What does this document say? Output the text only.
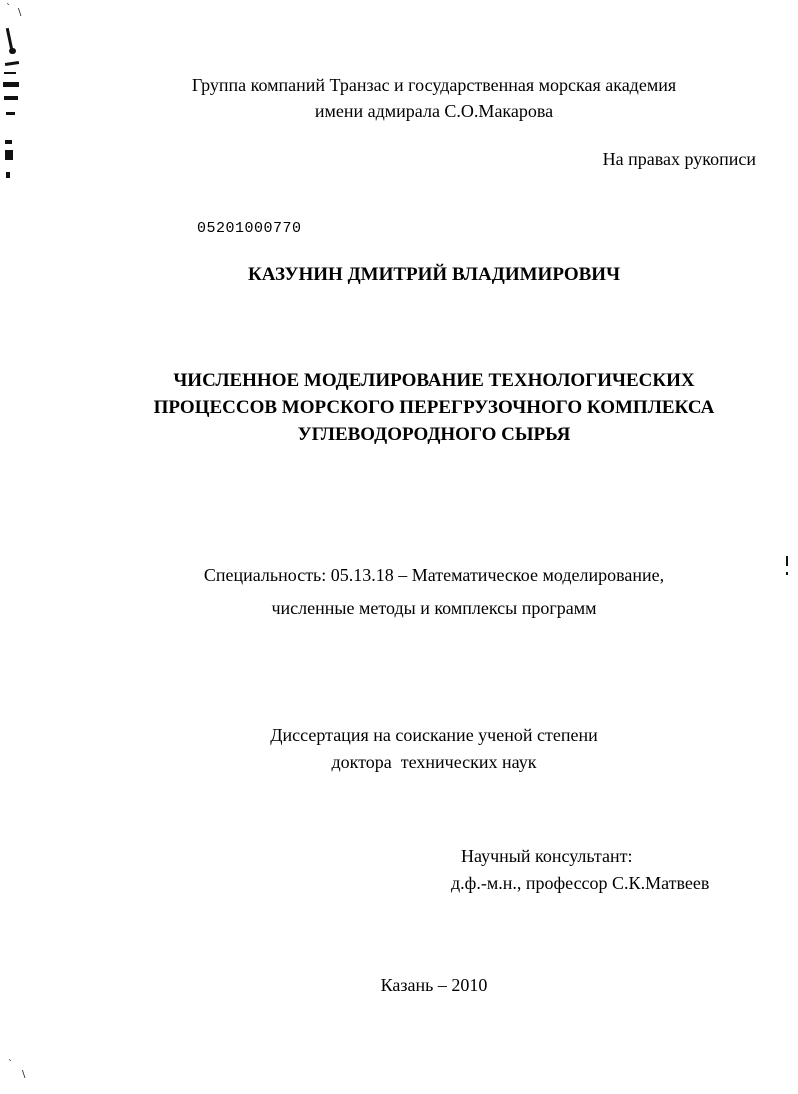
` \
`
\
Группа компаний Транзас и государственная морская академия
имени адмирала С.О.Макарова
На правах рукописи
05201000770
КАЗУНИН ДМИТРИЙ ВЛАДИМИРОВИЧ
ЧИСЛЕННОЕ МОДЕЛИРОВАНИЕ ТЕХНОЛОГИЧЕСКИХ
ПРОЦЕССОВ МОРСКОГО ПЕРЕГРУЗОЧНОГО КОМПЛЕКСА
УГЛЕВОДОРОДНОГО СЫРЬЯ
Специальность: 05.13.18 – Математическое моделирование,
численные методы и комплексы программ
Диссертация на соискание ученой степени
доктора  технических наук
Научный консультант:
д.ф.-м.н., профессор С.К.Матвеев
Казань – 2010
